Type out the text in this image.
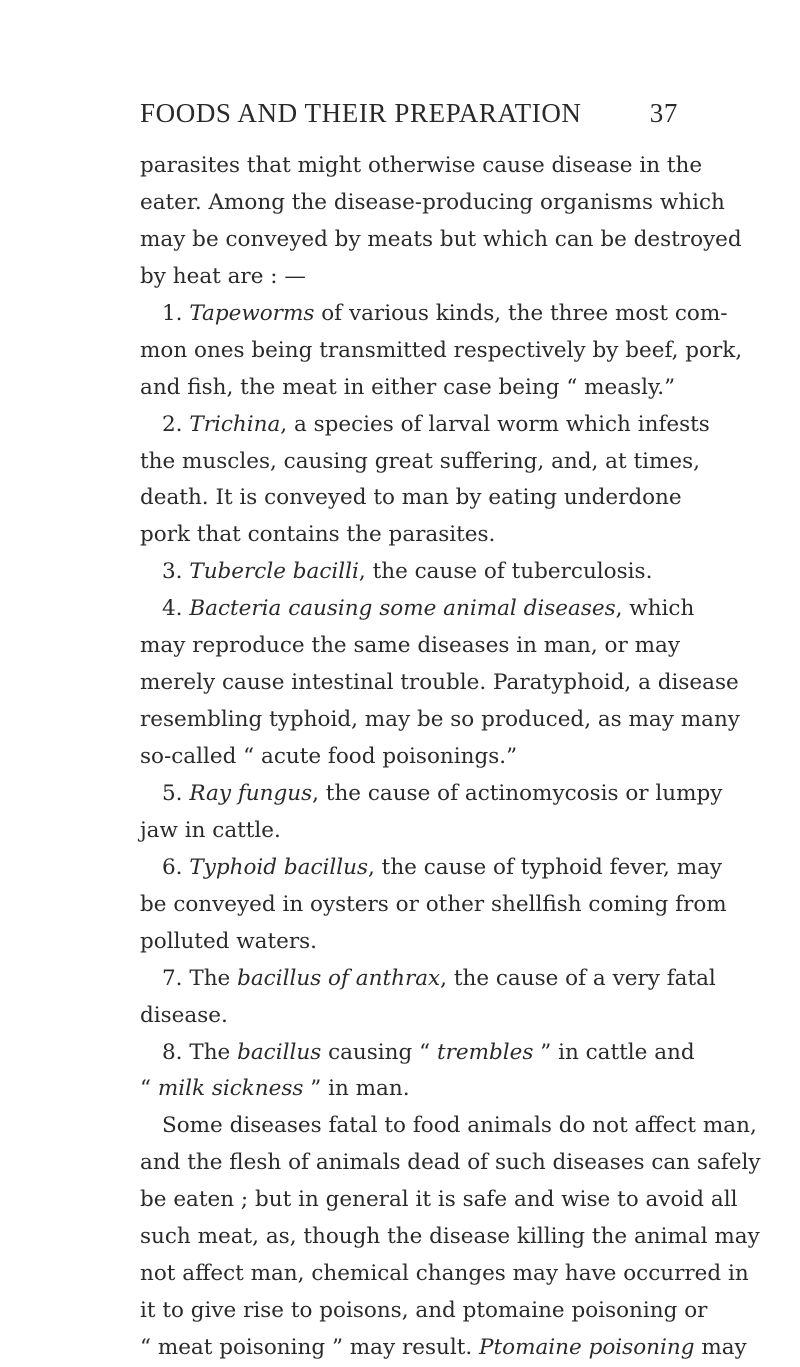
FOODS AND THEIR PREPARATION	37
parasites that might otherwise cause disease in the
eater. Among the disease-producing organisms which
may be conveyed by meats but which can be destroyed
by heat are : —
1. Tapeworms of various kinds, the three most com-
mon ones being transmitted respectively by beef, pork,
and fish, the meat in either case being “ measly.”
2. Trichina, a species of larval worm which infests
the muscles, causing great suffering, and, at times,
death. It is conveyed to man by eating underdone
pork that contains the parasites.
3. Tubercle bacilli, the cause of tuberculosis.
4. Bacteria causing some animal diseases, which
may reproduce the same diseases in man, or may
merely cause intestinal trouble. Paratyphoid, a disease
resembling typhoid, may be so produced, as may many
so-called “ acute food poisonings.”
5. Ray fungus, the cause of actinomycosis or lumpy
jaw in cattle.
6. Typhoid bacillus, the cause of typhoid fever, may
be conveyed in oysters or other shellfish coming from
polluted waters.
7. The bacillus of anthrax, the cause of a very fatal
disease.
8. The bacillus causing “ trembles ” in cattle and
“ milk sickness ” in man.
Some diseases fatal to food animals do not affect man,
and the flesh of animals dead of such diseases can safely
be eaten ; but in general it is safe and wise to avoid all
such meat, as, though the disease killing the animal may
not affect man, chemical changes may have occurred in
it to give rise to poisons, and ptomaine poisoning or
“ meat poisoning ” may result. Ptomaine poisoning may
